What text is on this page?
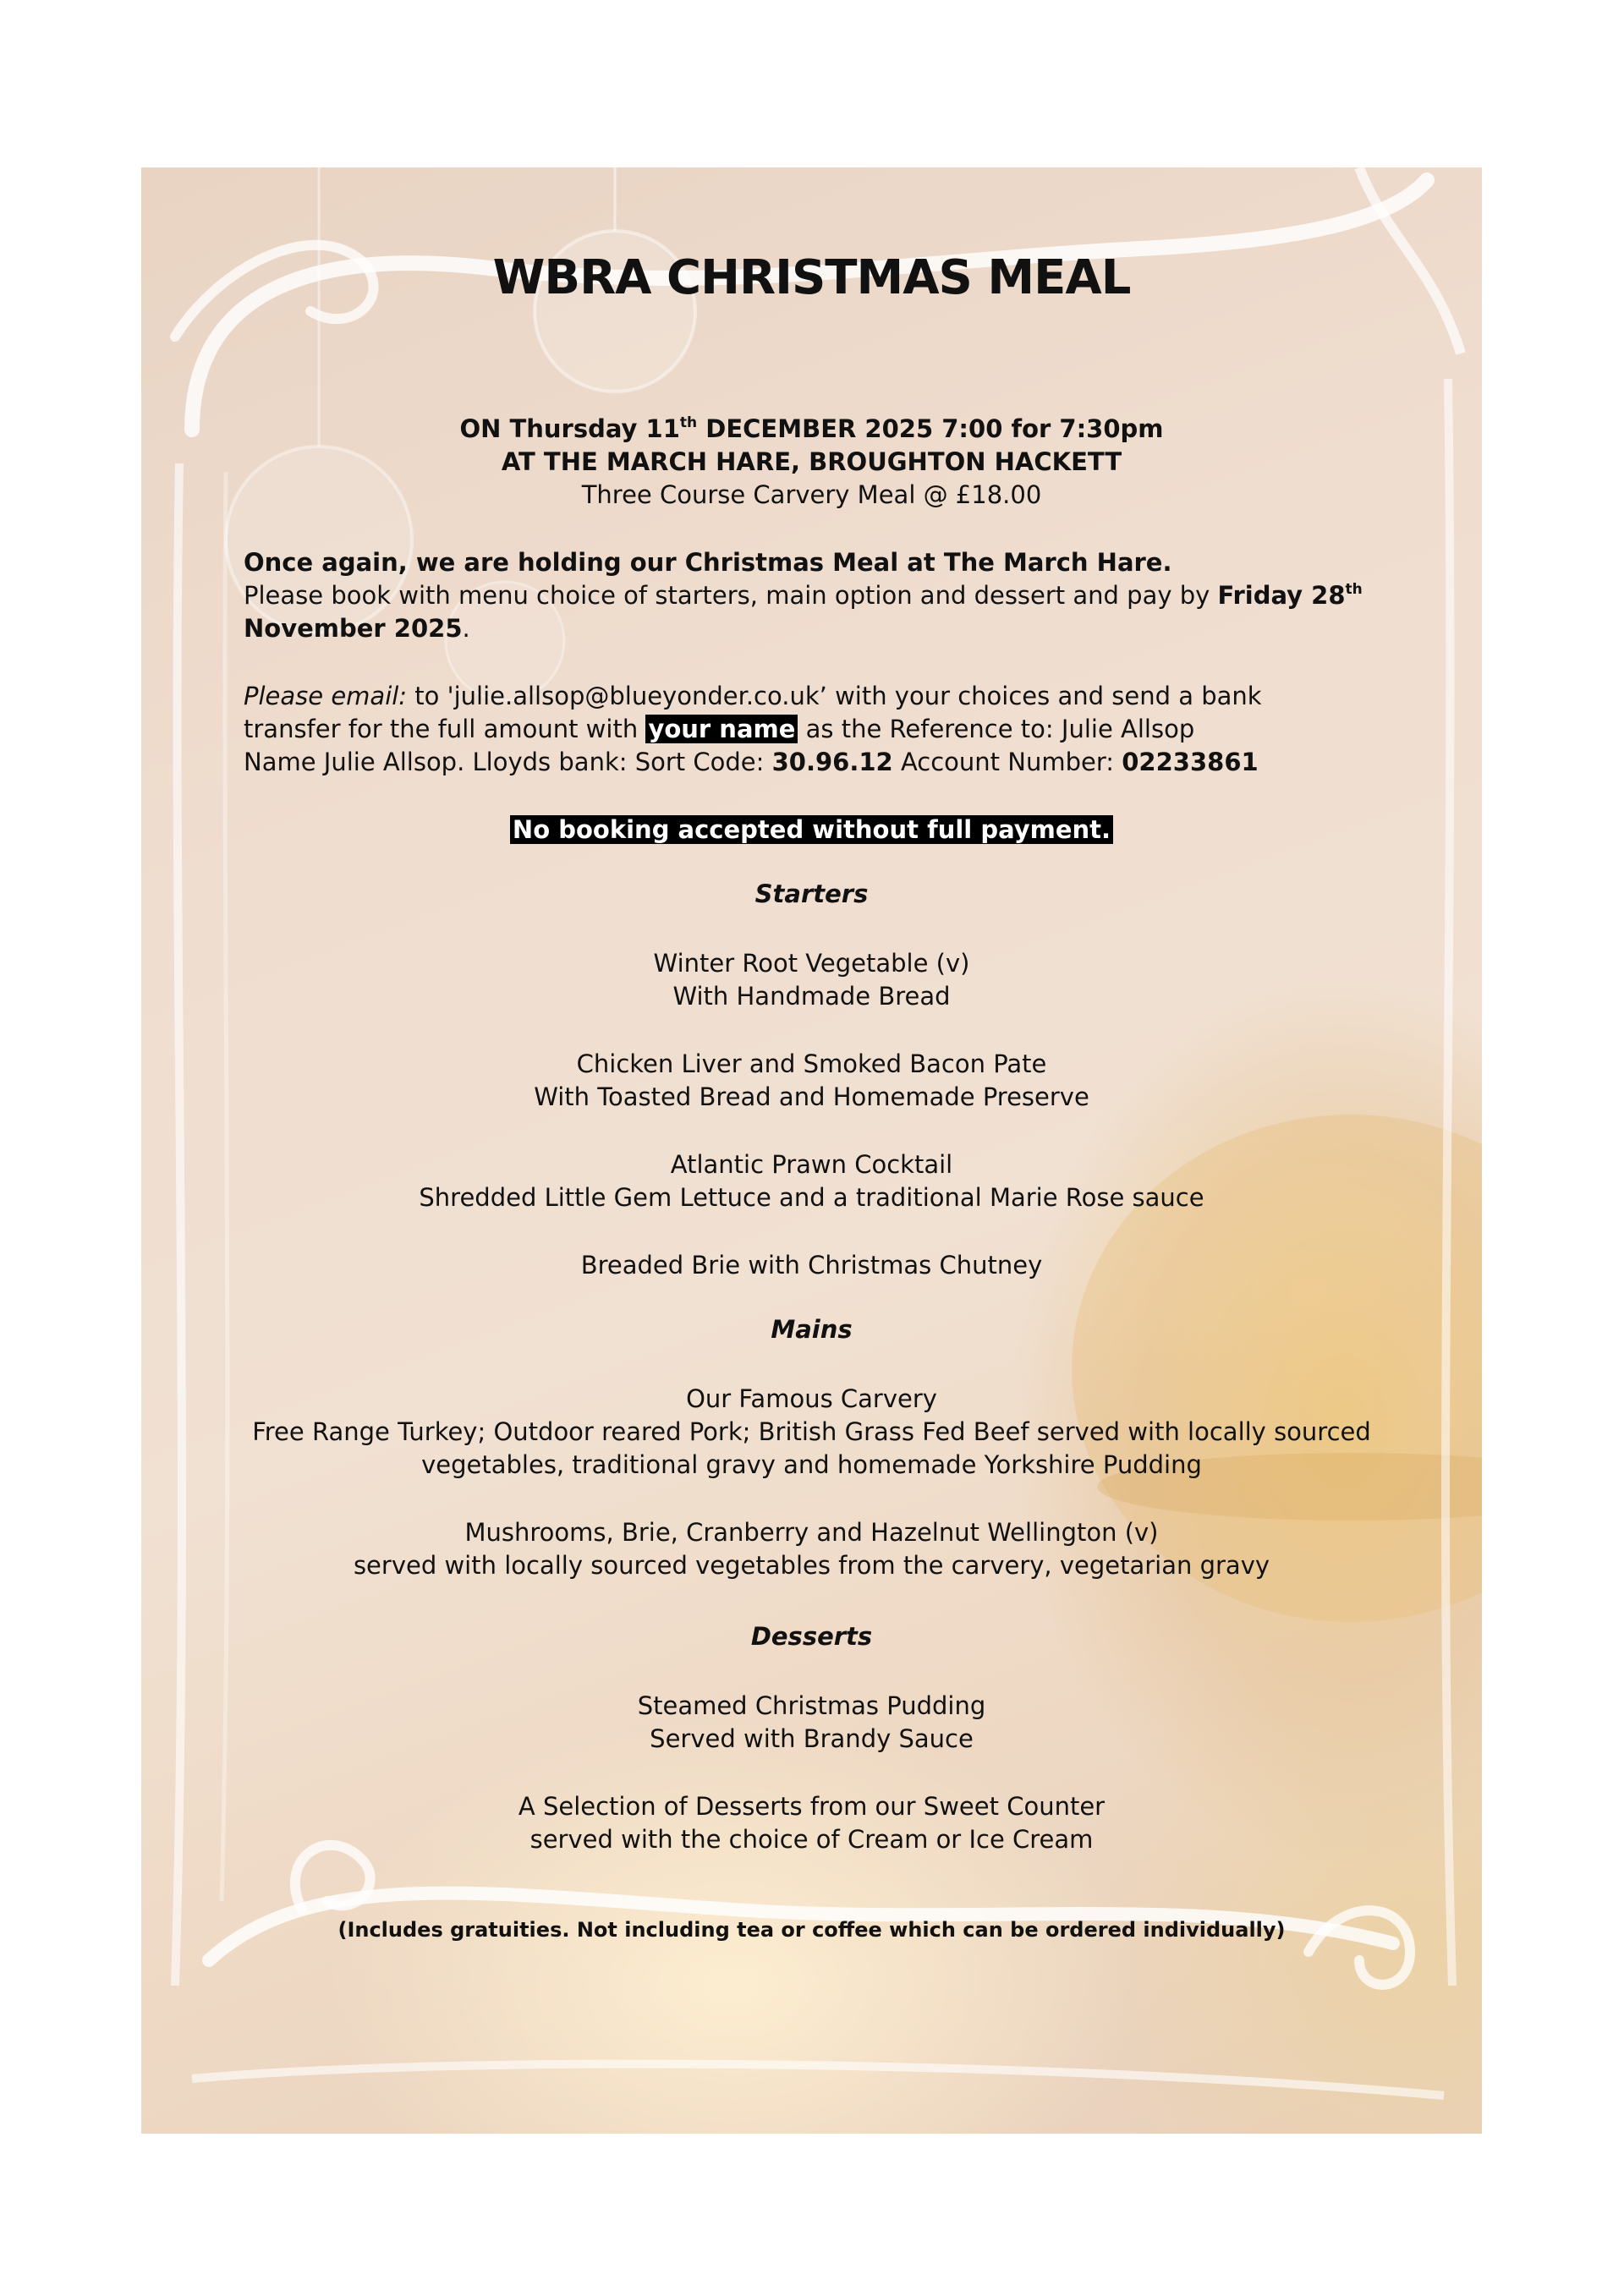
WBRA CHRISTMAS MEAL
ON Thursday 11th DECEMBER 2025 7:00 for 7:30pm
AT THE MARCH HARE, BROUGHTON HACKETT
Three Course Carvery Meal @ £18.00
Once again, we are holding our Christmas Meal at The March Hare.
Please book with menu choice of starters, main option and dessert and pay by Friday 28th
November 2025.
Please email: to 'julie.allsop@blueyonder.co.uk’ with your choices and send a bank
transfer for the full amount with your name as the Reference to: Julie Allsop
Name Julie Allsop. Lloyds bank: Sort Code: 30.96.12 Account Number: 02233861
No booking accepted without full payment.
Starters
Winter Root Vegetable (v)
With Handmade Bread
Chicken Liver and Smoked Bacon Pate
With Toasted Bread and Homemade Preserve
Atlantic Prawn Cocktail
Shredded Little Gem Lettuce and a traditional Marie Rose sauce
Breaded Brie with Christmas Chutney
Mains
Our Famous Carvery
Free Range Turkey; Outdoor reared Pork; British Grass Fed Beef served with locally sourced
vegetables, traditional gravy and homemade Yorkshire Pudding
Mushrooms, Brie, Cranberry and Hazelnut Wellington (v)
served with locally sourced vegetables from the carvery, vegetarian gravy
Desserts
Steamed Christmas Pudding
Served with Brandy Sauce
A Selection of Desserts from our Sweet Counter
served with the choice of Cream or Ice Cream
(Includes gratuities. Not including tea or coffee which can be ordered individually)
